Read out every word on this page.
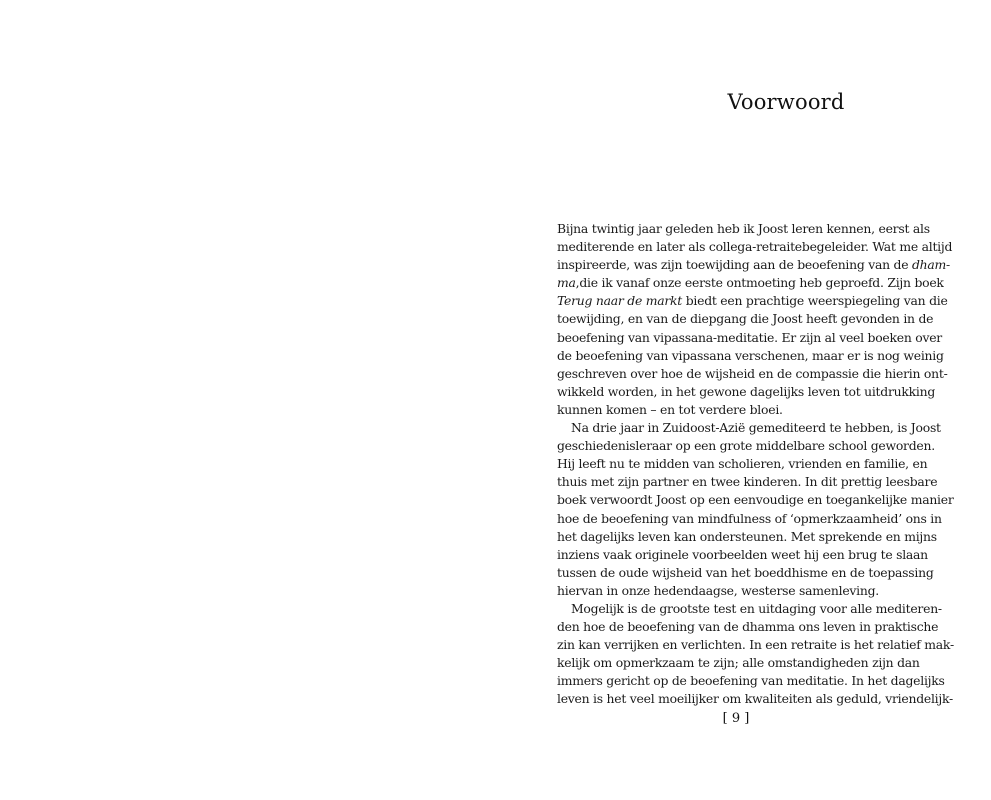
Voorwoord
Bijna twintig jaar geleden heb ik Joost leren kennen, eerst als
mediterende en later als collega-retraitebegeleider. Wat me altijd
inspireerde, was zijn toewijding aan de beoefening van de dham-
ma,die ik vanaf onze eerste ontmoeting heb geproefd. Zijn boek
Terug naar de markt biedt een prachtige weerspiegeling van die
toewijding, en van de diepgang die Joost heeft gevonden in de
beoefening van vipassana-meditatie. Er zijn al veel boeken over
de beoefening van vipassana verschenen, maar er is nog weinig
geschreven over hoe de wijsheid en de compassie die hierin ont-
wikkeld worden, in het gewone dagelijks leven tot uitdrukking
kunnen komen – en tot verdere bloei.
Na drie jaar in Zuidoost-Azië gemediteerd te hebben, is Joost
geschiedenisleraar op een grote middelbare school geworden.
Hij leeft nu te midden van scholieren, vrienden en familie, en
thuis met zijn partner en twee kinderen. In dit prettig leesbare
boek verwoordt Joost op een eenvoudige en toegankelijke manier
hoe de beoefening van mindfulness of ‘opmerkzaamheid’ ons in
het dagelijks leven kan ondersteunen. Met sprekende en mijns
inziens vaak originele voorbeelden weet hij een brug te slaan
tussen de oude wijsheid van het boeddhisme en de toepassing
hiervan in onze hedendaagse, westerse samenleving.
Mogelijk is de grootste test en uitdaging voor alle mediteren-
den hoe de beoefening van de dhamma ons leven in praktische
zin kan verrijken en verlichten. In een retraite is het relatief mak-
kelijk om opmerkzaam te zijn; alle omstandigheden zijn dan
immers gericht op de beoefening van meditatie. In het dagelijks
leven is het veel moeilijker om kwaliteiten als geduld, vriendelijk-
[ 9 ]
